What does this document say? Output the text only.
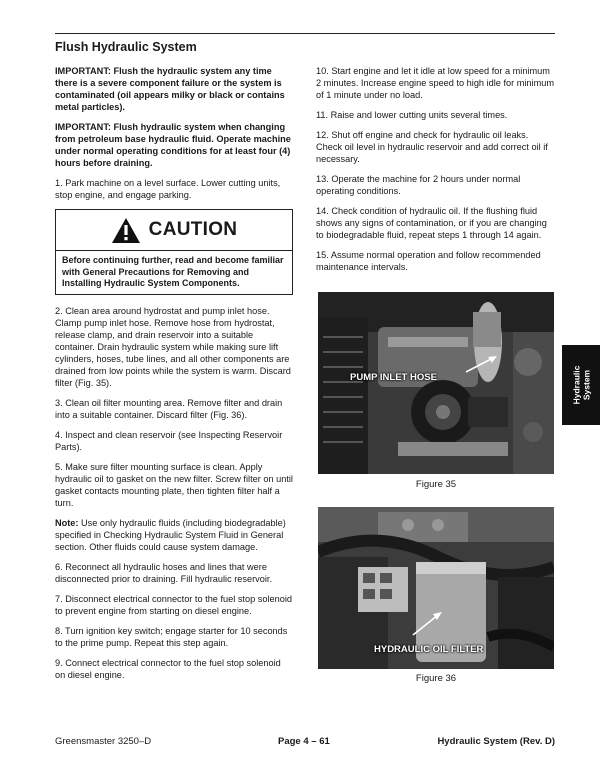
Flush Hydraulic System

IMPORTANT: Flush the hydraulic system any time there is a severe component failure or the system is contaminated (oil appears milky or black or contains metal particles).

IMPORTANT: Flush hydraulic system when changing from petroleum base hydraulic fluid. Operate machine under normal operating conditions for at least four (4) hours before draining.

1. Park machine on a level surface. Lower cutting units, stop engine, and engage parking.

CAUTION
Before continuing further, read and become familiar with General Precautions for Removing and Installing Hydraulic System Components.

2. Clean area around hydrostat and pump inlet hose. Clamp pump inlet hose. Remove hose from hydrostat, release clamp, and drain reservoir into a suitable container. Drain hydraulic system while making sure lift cylinders, hoses, tube lines, and all other components are drained from low points while the system is warm. Discard filter (Fig. 35).

3. Clean oil filter mounting area. Remove filter and drain into a suitable container. Discard filter (Fig. 36).

4. Inspect and clean reservoir (see Inspecting Reservoir Parts).

5. Make sure filter mounting surface is clean. Apply hydraulic oil to gasket on the new filter. Screw filter on until gasket contacts mounting plate, then tighten filter half a turn.

Note: Use only hydraulic fluids (including biodegradable) specified in Checking Hydraulic System Fluid in General section. Other fluids could cause system damage.

6. Reconnect all hydraulic hoses and lines that were disconnected prior to draining. Fill hydraulic reservoir.

7. Disconnect electrical connector to the fuel stop solenoid to prevent engine from starting on diesel engine.

8. Turn ignition key switch; engage starter for 10 seconds to the prime pump. Repeat this step again.

9. Connect electrical connector to the fuel stop solenoid on diesel engine.

10. Start engine and let it idle at low speed for a minimum 2 minutes. Increase engine speed to high idle for minimum of 1 minute under no load.

11. Raise and lower cutting units several times.

12. Shut off engine and check for hydraulic oil leaks. Check oil level in hydraulic reservoir and add correct oil if necessary.

13. Operate the machine for 2 hours under normal operating conditions.

14. Check condition of hydraulic oil. If the flushing fluid shows any signs of contamination, or if you are changing to biodegradable fluid, repeat steps 1 through 14 again.

15. Assume normal operation and follow recommended maintenance intervals.

PUMP INLET HOSE
Figure 35
HYDRAULIC OIL FILTER
Figure 36
Hydraulic System
Greensmaster 3250–D	Page 4 – 61	Hydraulic System (Rev. D)
